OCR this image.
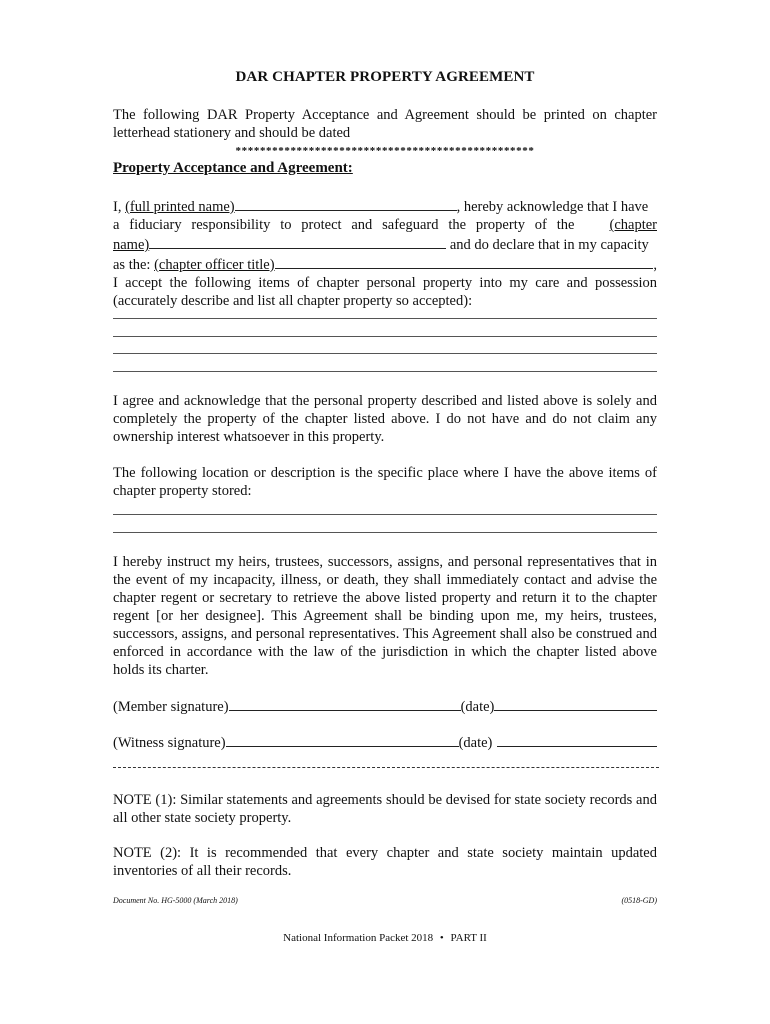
DAR CHAPTER PROPERTY AGREEMENT
The following DAR Property Acceptance and Agreement should be printed on chapter letterhead stationery and should be dated
*************************************************
Property Acceptance and Agreement:
I, (full printed name)	, hereby acknowledge that I have
a fiduciary responsibility to protect and safeguard the property of the (chapter
name)	and do declare that in my capacity
as the: (chapter officer title)	,
I accept the following items of chapter personal property into my care and possession (accurately describe and list all chapter property so accepted):
I agree and acknowledge that the personal property described and listed above is solely and completely the property of the chapter listed above. I do not have and do not claim any ownership interest whatsoever in this property.
The following location or description is the specific place where I have the above items of chapter property stored:
I hereby instruct my heirs, trustees, successors, assigns, and personal representatives that in the event of my incapacity, illness, or death, they shall immediately contact and advise the chapter regent or secretary to retrieve the above listed property and return it to the chapter regent [or her designee]. This Agreement shall be binding upon me, my heirs, trustees, successors, assigns, and personal representatives. This Agreement shall also be construed and enforced in accordance with the law of the jurisdiction in which the chapter listed above holds its charter.
(Member signature)	(date)
(Witness signature)	(date)
NOTE (1): Similar statements and agreements should be devised for state society records and all other state society property.
NOTE (2): It is recommended that every chapter and state society maintain updated inventories of all their records.
Document No. HG-5000 (March 2018)	(0518-GD)
National Information Packet 2018 • PART II
